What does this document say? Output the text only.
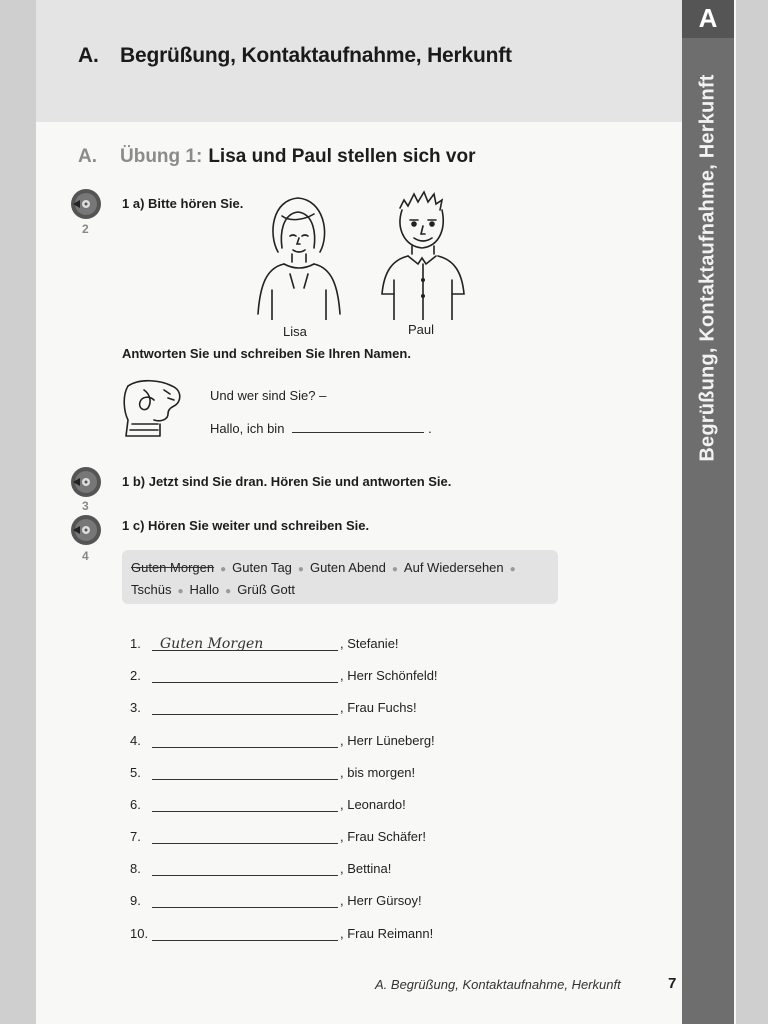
A. Begrüßung, Kontaktaufnahme, Herkunft
A
Begrüßung, Kontaktaufnahme, Herkunft
A. Übung 1: Lisa und Paul stellen sich vor
2
1 a) Bitte hören Sie.
Lisa	Paul
Antworten Sie und schreiben Sie Ihren Namen.
Und wer sind Sie? –
Hallo, ich bin	.
3
1 b) Jetzt sind Sie dran. Hören Sie und antworten Sie.
4
1 c) Hören Sie weiter und schreiben Sie.
Guten Morgen ● Guten Tag ● Guten Abend ● Auf Wiedersehen ●
Tschüs ● Hallo ● Grüß Gott
1.	Guten Morgen	, Stefanie!
2.	, Herr Schönfeld!
3.	, Frau Fuchs!
4.	, Herr Lüneberg!
5.	, bis morgen!
6.	, Leonardo!
7.	, Frau Schäfer!
8.	, Bettina!
9.	, Herr Gürsoy!
10.	, Frau Reimann!
A. Begrüßung, Kontaktaufnahme, Herkunft	7
